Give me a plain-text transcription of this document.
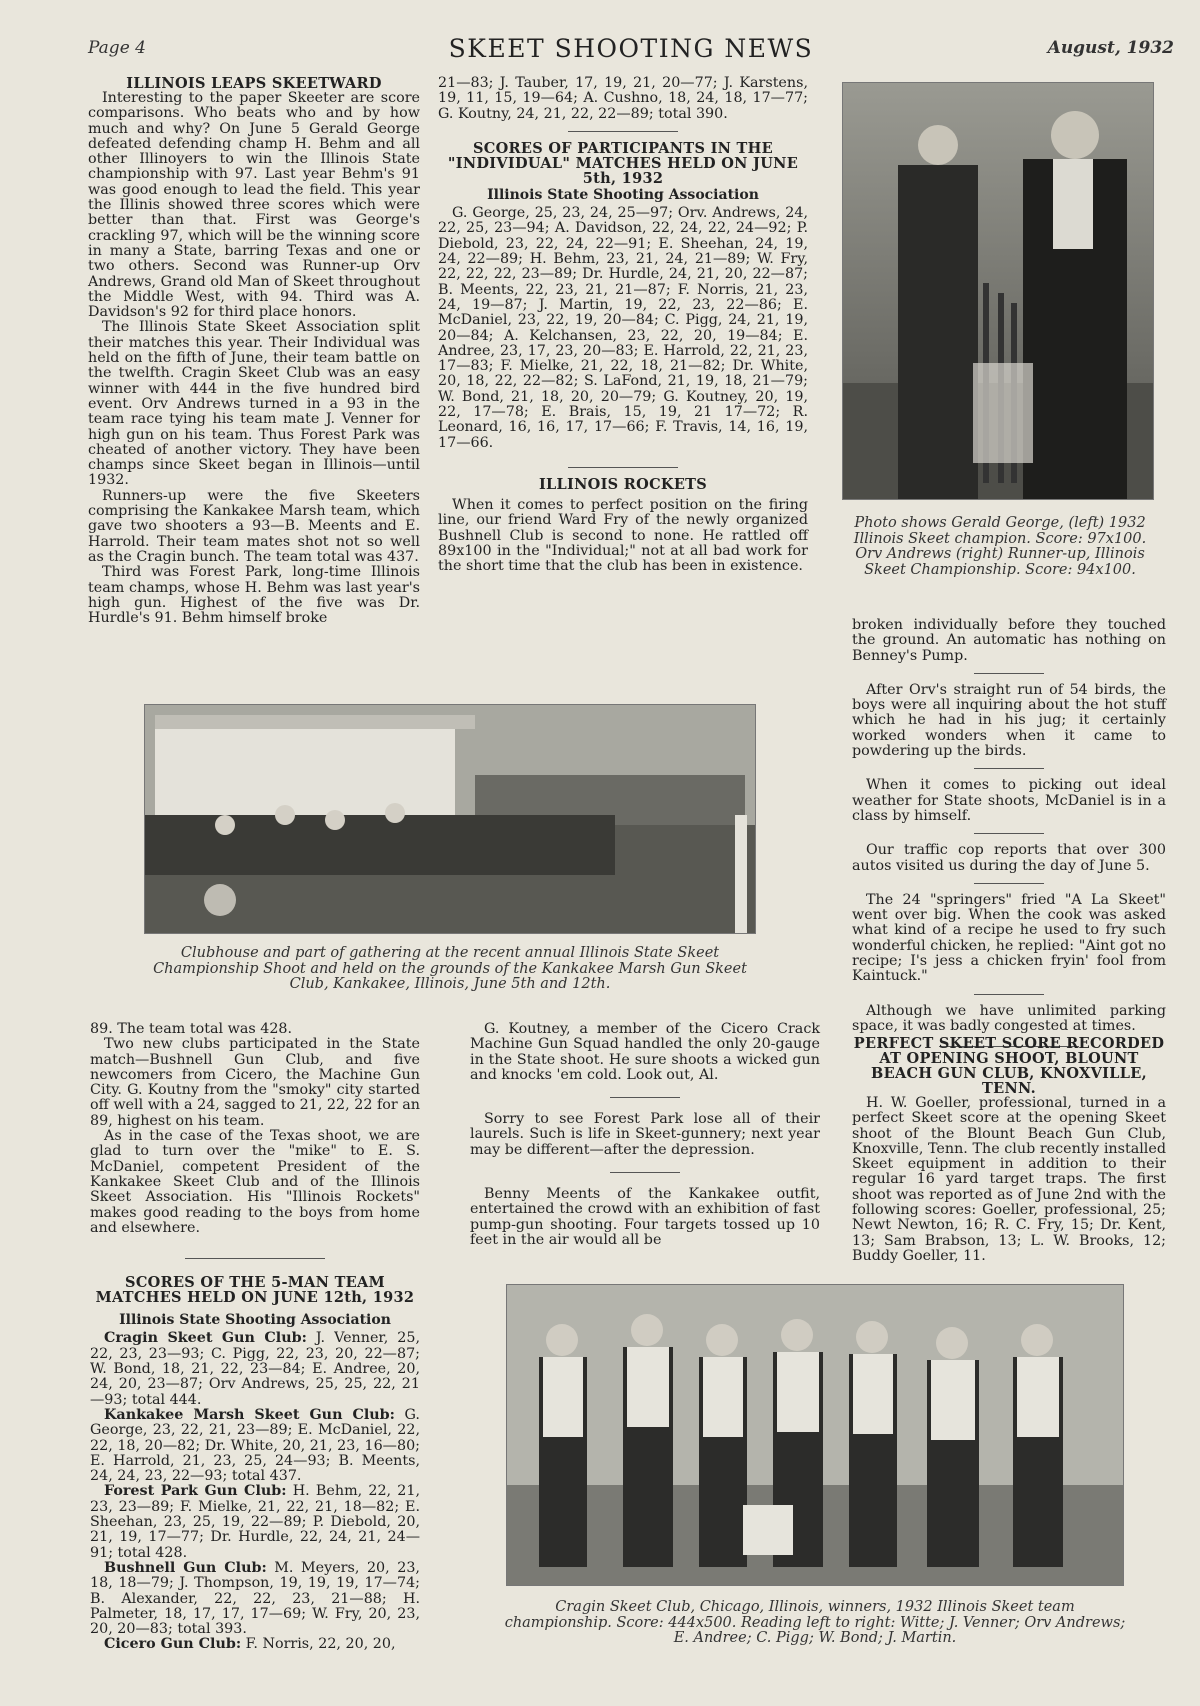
Page 4	SKEET SHOOTING NEWS	August, 1932
ILLINOIS LEAPS SKEETWARD

Interesting to the paper Skeeter are score comparisons. Who beats who and by how much and why? On June 5 Gerald George defeated defending champ H. Behm and all other Illinoyers to win the Illinois State championship with 97. Last year Behm's 91 was good enough to lead the field. This year the Illinis showed three scores which were better than that. First was George's crackling 97, which will be the winning score in many a State, barring Texas and one or two others. Second was Runner-up Orv Andrews, Grand old Man of Skeet throughout the Middle West, with 94. Third was A. Davidson's 92 for third place honors.

The Illinois State Skeet Association split their matches this year. Their Individual was held on the fifth of June, their team battle on the twelfth. Cragin Skeet Club was an easy winner with 444 in the five hundred bird event. Orv Andrews turned in a 93 in the team race tying his team mate J. Venner for high gun on his team. Thus Forest Park was cheated of another victory. They have been champs since Skeet began in Illinois—until 1932.

Runners-up were the five Skeeters comprising the Kankakee Marsh team, which gave two shooters a 93—B. Meents and E. Harrold. Their team mates shot not so well as the Cragin bunch. The team total was 437.

Third was Forest Park, long-time Illinois team champs, whose H. Behm was last year's high gun. Highest of the five was Dr. Hurdle's 91. Behm himself broke

21—83; J. Tauber, 17, 19, 21, 20—77; J. Karstens, 19, 11, 15, 19—64; A. Cushno, 18, 24, 18, 17—77; G. Koutny, 24, 21, 22, 22—89; total 390.

SCORES OF PARTICIPANTS IN THE "INDIVIDUAL" MATCHES HELD ON JUNE 5th, 1932
Illinois State Shooting Association

G. George, 25, 23, 24, 25—97; Orv. Andrews, 24, 22, 25, 23—94; A. Davidson, 22, 24, 22, 24—92; P. Diebold, 23, 22, 24, 22—91; E. Sheehan, 24, 19, 24, 22—89; H. Behm, 23, 21, 24, 21—89; W. Fry, 22, 22, 22, 23—89; Dr. Hurdle, 24, 21, 20, 22—87; B. Meents, 22, 23, 21, 21—87; F. Norris, 21, 23, 24, 19—87; J. Martin, 19, 22, 23, 22—86; E. McDaniel, 23, 22, 19, 20—84; C. Pigg, 24, 21, 19, 20—84; A. Kelchansen, 23, 22, 20, 19—84; E. Andree, 23, 17, 23, 20—83; E. Harrold, 22, 21, 23, 17—83; F. Mielke, 21, 22, 18, 21—82; Dr. White, 20, 18, 22, 22—82; S. LaFond, 21, 19, 18, 21—79; W. Bond, 21, 18, 20, 20—79; G. Koutney, 20, 19, 22, 17—78; E. Brais, 15, 19, 21 17—72; R. Leonard, 16, 16, 17, 17—66; F. Travis, 14, 16, 19, 17—66.

ILLINOIS ROCKETS

When it comes to perfect position on the firing line, our friend Ward Fry of the newly organized Bushnell Club is second to none. He rattled off 89x100 in the "Individual;" not at all bad work for the short time that the club has been in existence.

Photo shows Gerald George, (left) 1932 Illinois Skeet champion. Score: 97x100. Orv Andrews (right) Runner-up, Illinois Skeet Championship. Score: 94x100.

broken individually before they touched the ground. An automatic has nothing on Benney's Pump.

After Orv's straight run of 54 birds, the boys were all inquiring about the hot stuff which he had in his jug; it certainly worked wonders when it came to powdering up the birds.

When it comes to picking out ideal weather for State shoots, McDaniel is in a class by himself.

Our traffic cop reports that over 300 autos visited us during the day of June 5.

The 24 "springers" fried "A La Skeet" went over big. When the cook was asked what kind of a recipe he used to fry such wonderful chicken, he replied: "Aint got no recipe; I's jess a chicken fryin' fool from Kaintuck."

Although we have unlimited parking space, it was badly congested at times.

Clubhouse and part of gathering at the recent annual Illinois State Skeet Championship Shoot and held on the grounds of the Kankakee Marsh Gun Skeet Club, Kankakee, Illinois, June 5th and 12th.

89. The team total was 428.

Two new clubs participated in the State match—Bushnell Gun Club, and five newcomers from Cicero, the Machine Gun City. G. Koutny from the "smoky" city started off well with a 24, sagged to 21, 22, 22 for an 89, highest on his team.

As in the case of the Texas shoot, we are glad to turn over the "mike" to E. S. McDaniel, competent President of the Kankakee Skeet Club and of the Illinois Skeet Association. His "Illinois Rockets" makes good reading to the boys from home and elsewhere.

SCORES OF THE 5-MAN TEAM MATCHES HELD ON JUNE 12th, 1932
Illinois State Shooting Association

Cragin Skeet Gun Club: J. Venner, 25, 22, 23, 23—93; C. Pigg, 22, 23, 20, 22—87; W. Bond, 18, 21, 22, 23—84; E. Andree, 20, 24, 20, 23—87; Orv Andrews, 25, 25, 22, 21—93; total 444.

Kankakee Marsh Skeet Gun Club: G. George, 23, 22, 21, 23—89; E. McDaniel, 22, 22, 18, 20—82; Dr. White, 20, 21, 23, 16—80; E. Harrold, 21, 23, 25, 24—93; B. Meents, 24, 24, 23, 22—93; total 437.

Forest Park Gun Club: H. Behm, 22, 21, 23, 23—89; F. Mielke, 21, 22, 21, 18—82; E. Sheehan, 23, 25, 19, 22—89; P. Diebold, 20, 21, 19, 17—77; Dr. Hurdle, 22, 24, 21, 24—91; total 428.

Bushnell Gun Club: M. Meyers, 20, 23, 18, 18—79; J. Thompson, 19, 19, 19, 17—74; B. Alexander, 22, 22, 23, 21—88; H. Palmeter, 18, 17, 17, 17—69; W. Fry, 20, 23, 20, 20—83; total 393.

Cicero Gun Club: F. Norris, 22, 20, 20,

G. Koutney, a member of the Cicero Crack Machine Gun Squad handled the only 20-gauge in the State shoot. He sure shoots a wicked gun and knocks 'em cold. Look out, Al.

Sorry to see Forest Park lose all of their laurels. Such is life in Skeet-gunnery; next year may be different—after the depression.

Benny Meents of the Kankakee outfit, entertained the crowd with an exhibition of fast pump-gun shooting. Four targets tossed up 10 feet in the air would all be

PERFECT SKEET SCORE RECORDED AT OPENING SHOOT, BLOUNT BEACH GUN CLUB, KNOXVILLE, TENN.

H. W. Goeller, professional, turned in a perfect Skeet score at the opening Skeet shoot of the Blount Beach Gun Club, Knoxville, Tenn. The club recently installed Skeet equipment in addition to their regular 16 yard target traps. The first shoot was reported as of June 2nd with the following scores: Goeller, professional, 25; Newt Newton, 16; R. C. Fry, 15; Dr. Kent, 13; Sam Brabson, 13; L. W. Brooks, 12; Buddy Goeller, 11.

Cragin Skeet Club, Chicago, Illinois, winners, 1932 Illinois Skeet team championship. Score: 444x500. Reading left to right: Witte; J. Venner; Orv Andrews; E. Andree; C. Pigg; W. Bond; J. Martin.
